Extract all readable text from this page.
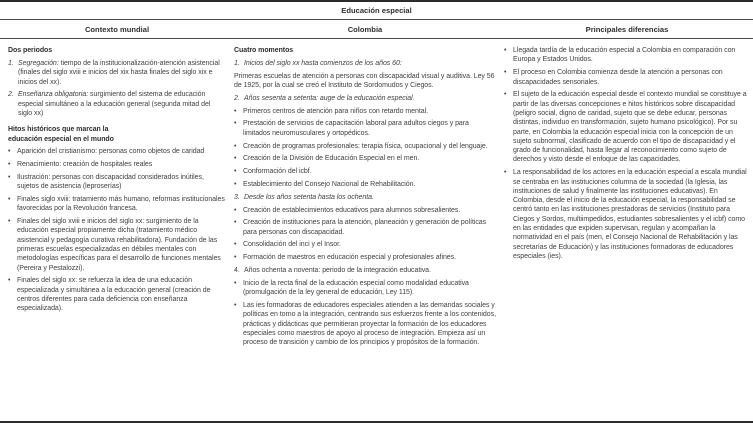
Educación especial
Contexto mundial	Colombia	Principales diferencias
Dos periodos
1. Segregación: tiempo de la institucionalización-atención asistencial (finales del siglo xviii e inicios del xix hasta finales del siglo xix e inicios del xx).
2. Enseñanza obligatoria: surgimiento del sistema de educación especial simultáneo a la educación general (segunda mitad del siglo xx)
Hitos históricos que marcan la
educación especial en el mundo
• Aparición del cristianismo: personas como objetos de caridad
• Renacimiento: creación de hospitales reales
• Ilustración: personas con discapacidad considerados inútiles, sujetos de asistencia (leproserías)
• Finales siglo xviii: tratamiento más humano, reformas institucionales favorecidas por la Revolución francesa.
• Finales del siglo xviii e inicios del siglo xx: surgimiento de la educación especial propiamente dicha (tratamiento médico asistencial y pedagogía curativa rehabilitadora). Fundación de las primeras escuelas especializadas en débiles mentales con metodologías específicas para el desarrollo de funciones mentales (Pereira y Pestalozzi).
• Finales del siglo xx: se refuerza la idea de una educación especializada y simultánea a la educación general (creación de centros diferentes para cada deficiencia con enseñanza especializada).
Cuatro momentos
1. Inicios del siglo xx hasta comienzos de los años 60:

Primeras escuelas de atención a personas con discapacidad visual y auditiva. Ley 56 de 1925, por la cual se creó el Instituto de Sordomudos y Ciegos.

2. Años sesenta a setenta: auge de la educación especial.
• Primeros centros de atención para niños con retardo mental.
• Prestación de servicios de capacitación laboral para adultos ciegos y para limitados neuromusculares y ortopédicos.
• Creación de programas profesionales: terapia física, ocupacional y del lenguaje.
• Creación de la División de Educación Especial en el men.
• Conformación del icbf.
• Establecimiento del Consejo Nacional de Rehabilitación.
3. Desde los años setenta hasta los ochenta.
• Creación de establecimientos educativos para alumnos sobresalientes.
• Creación de instituciones para la atención, planeación y generación de políticas para personas con discapacidad.
• Consolidación del inci y el Insor.
• Formación de maestros en educación especial y profesionales afines.
4. Años ochenta a noventa: periodo de la integración educativa.
• Inicio de la recta final de la educación especial como modalidad educativa (promulgación de la ley general de educación, Ley 115).
• Las ies formadoras de educadores especiales atienden a las demandas sociales y políticas en torno a la integración, centrando sus esfuerzos frente a los contenidos, prácticas y didácticas que permitieran proyectar la formación de los educadores especiales como maestros de apoyo al proceso de integración. Empieza así un proceso de transición y cambio de los principios y propósitos de la formación.
• Llegada tardía de la educación especial a Colombia en comparación con Europa y Estados Unidos.
• El proceso en Colombia comienza desde la atención a personas con discapacidades sensoriales.
• El sujeto de la educación especial desde el contexto mundial se constituye a partir de las diversas concepciones e hitos históricos sobre discapacidad (peligro social, digno de caridad, sujeto que se debe educar, personas distintas, individuo en transformación, sujeto humano psicológico). Por su parte, en Colombia la educación especial inicia con la concepción de un sujeto subnormal, clasificado de acuerdo con el tipo de discapacidad y el grado de funcionalidad, hasta llegar al reconocimiento como sujeto de derechos y visto desde el enfoque de las capacidades.
• La responsabilidad de los actores en la educación especial a escala mundial se centraba en las instituciones columna de la sociedad (la Iglesia, las instituciones de salud y finalmente las instituciones educativas). En Colombia, desde el inicio de la educación especial, la responsabilidad se centró tanto en las instituciones prestadoras de servicios (Instituto para Ciegos y Sordos, multiimpedidos, estudiantes sobresalientes y el icbf) como en las entidades que expiden supervisan, regulan y acompañan la normatividad en el país (men, el Consejo Nacional de Rehabilitación y las secretarías de Educación) y las instituciones formadoras de educadores especiales (ies).
